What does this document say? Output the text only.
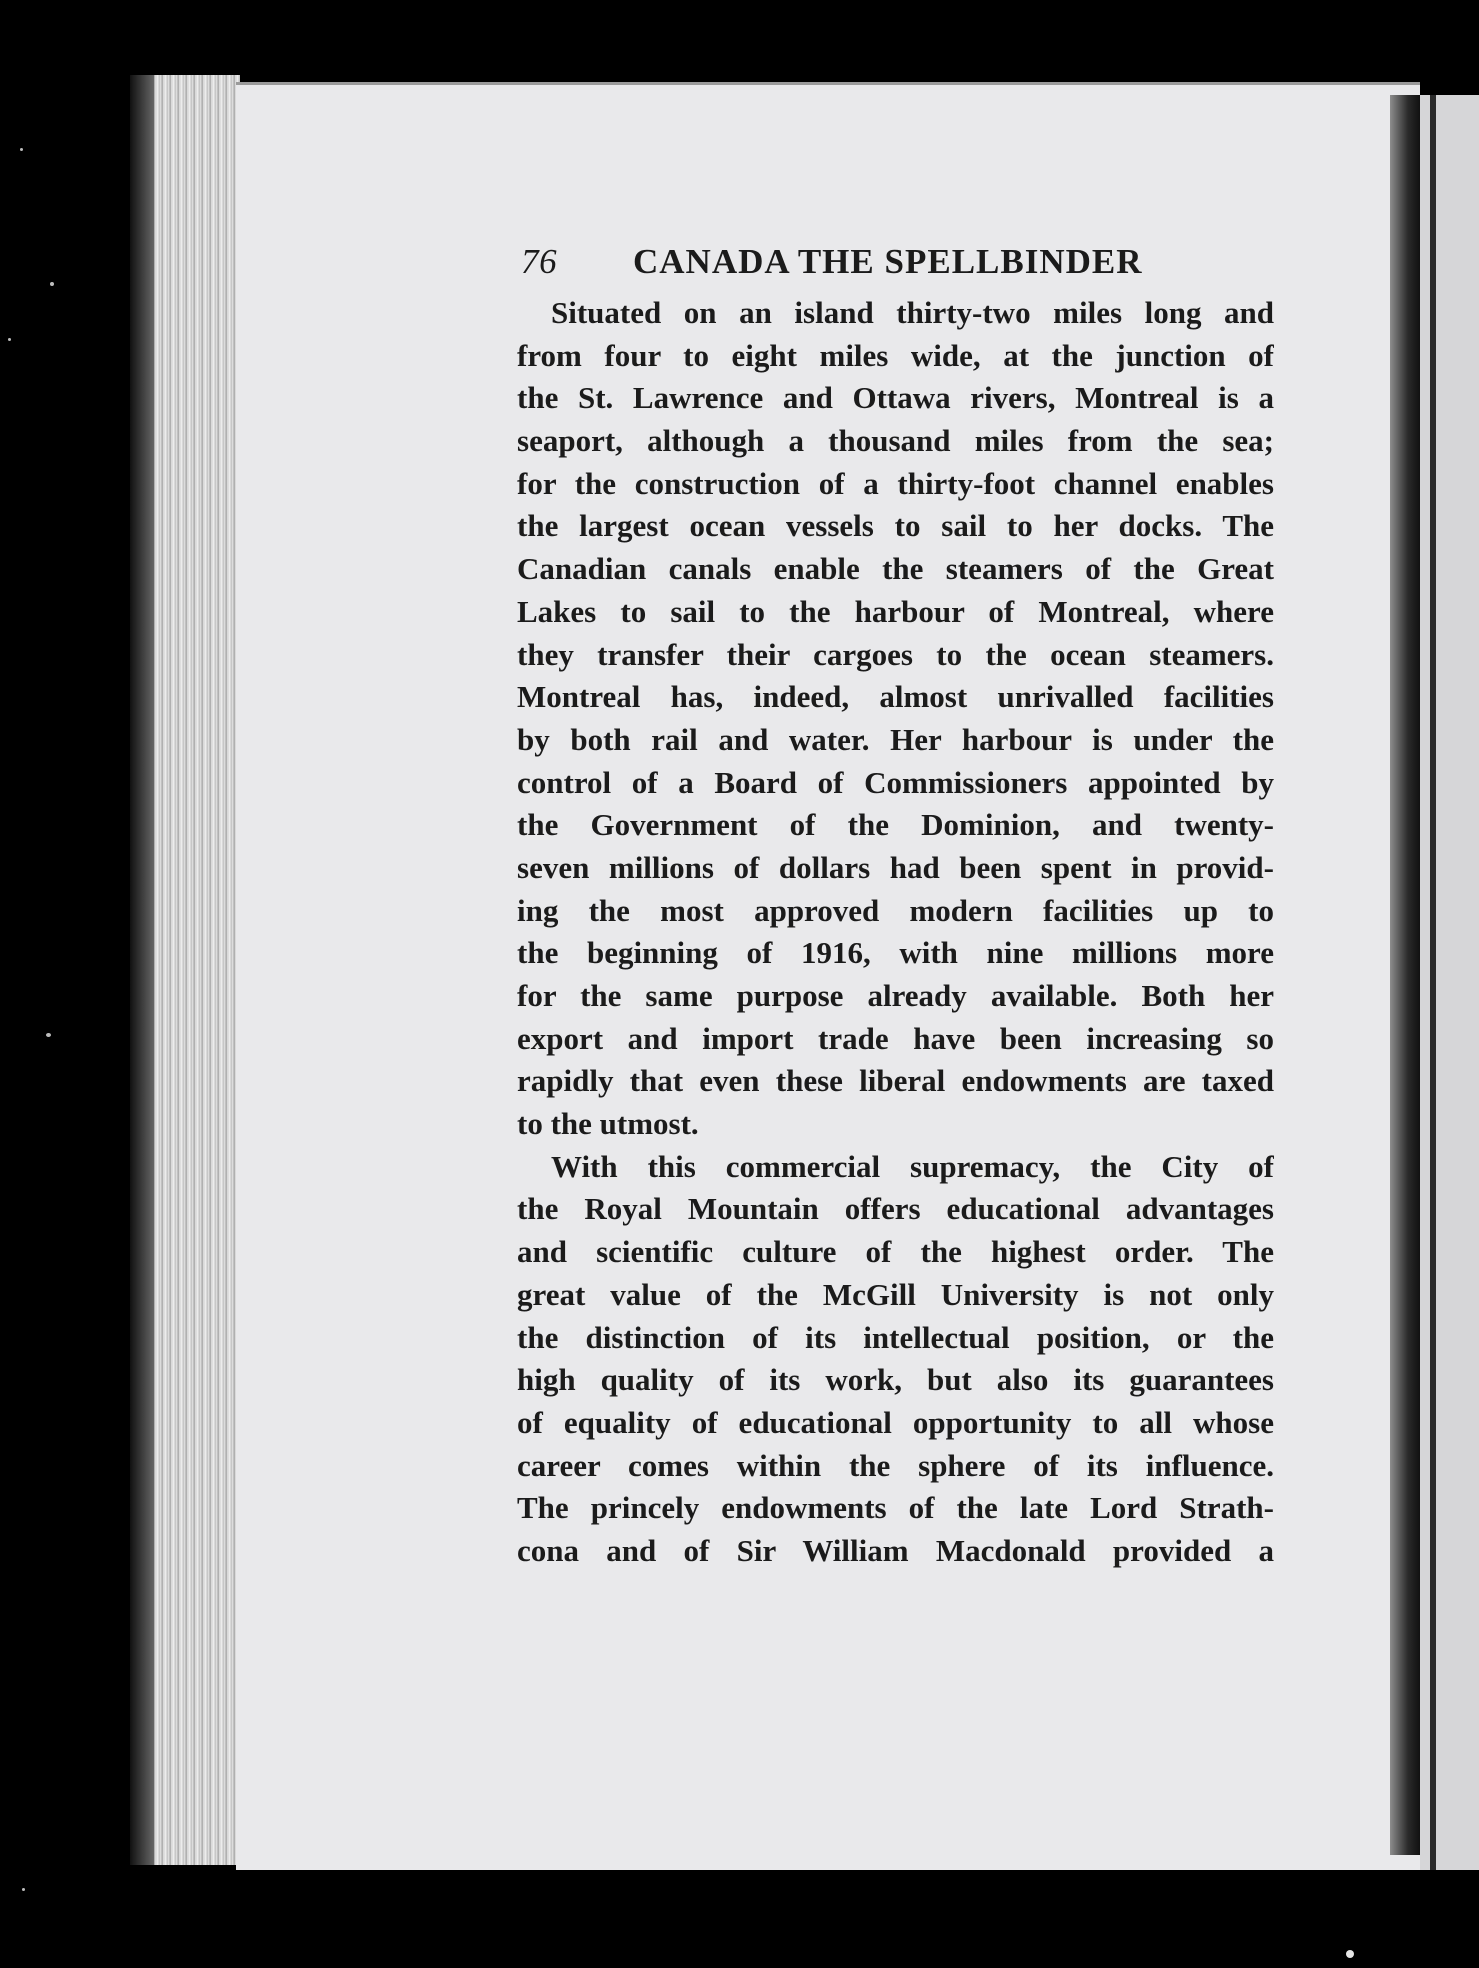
76 CANADA THE SPELLBINDER
Situated on an island thirty-two miles long and
from four to eight miles wide, at the junction of
the St. Lawrence and Ottawa rivers, Montreal is a
seaport, although a thousand miles from the sea;
for the construction of a thirty-foot channel enables
the largest ocean vessels to sail to her docks. The
Canadian canals enable the steamers of the Great
Lakes to sail to the harbour of Montreal, where
they transfer their cargoes to the ocean steamers.
Montreal has, indeed, almost unrivalled facilities
by both rail and water. Her harbour is under the
control of a Board of Commissioners appointed by
the Government of the Dominion, and twenty-
seven millions of dollars had been spent in provid-
ing the most approved modern facilities up to
the beginning of 1916, with nine millions more
for the same purpose already available. Both her
export and import trade have been increasing so
rapidly that even these liberal endowments are taxed
to the utmost.
With this commercial supremacy, the City of
the Royal Mountain offers educational advantages
and scientific culture of the highest order. The
great value of the McGill University is not only
the distinction of its intellectual position, or the
high quality of its work, but also its guarantees
of equality of educational opportunity to all whose
career comes within the sphere of its influence.
The princely endowments of the late Lord Strath-
cona and of Sir William Macdonald provided a
